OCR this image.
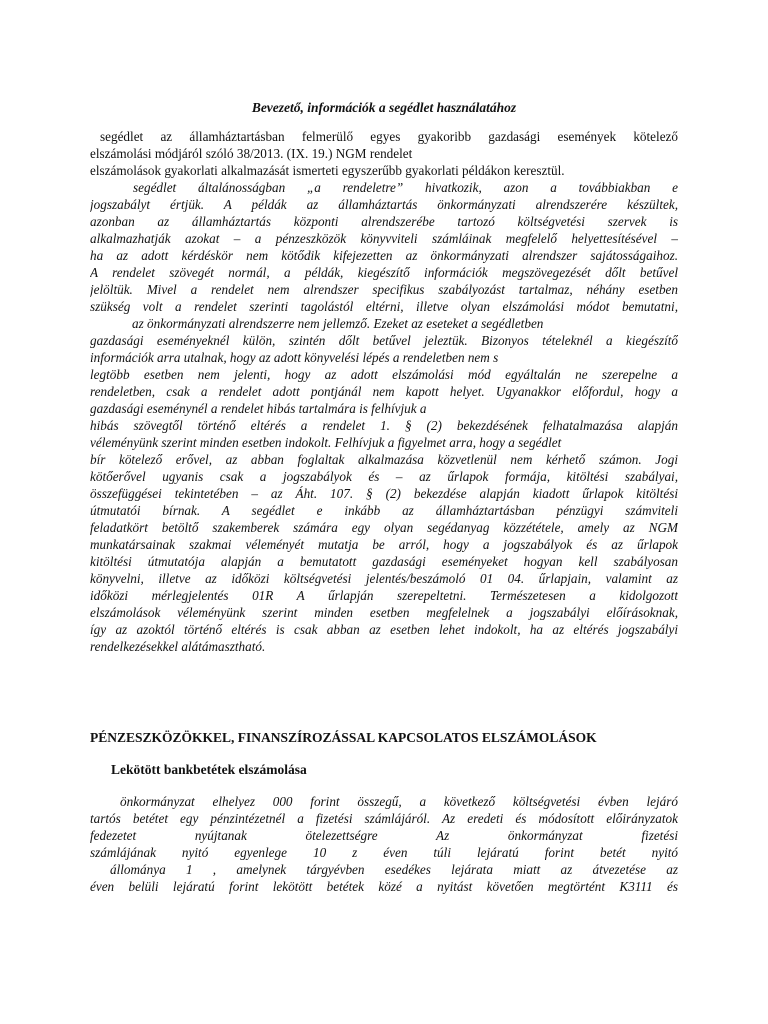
Bevezető, információk a segédlet használatához
segédlet az államháztartásban felmerülő egyes gyakoribb gazdasági események kötelező
elszámolási módjáról szóló 38/2013. (IX. 19.) NGM rendelet
elszámolások gyakorlati alkalmazását ismerteti egyszerűbb gyakorlati példákon keresztül.
segédlet általánosságban „a rendeletre” hivatkozik, azon a továbbiakban e
jogszabályt értjük. A példák az államháztartás önkormányzati alrendszerére készültek,
azonban az államháztartás központi alrendszerébe tartozó költségvetési szervek is
alkalmazhatják azokat – a pénzeszközök könyvviteli számláinak megfelelő helyettesítésével –
ha az adott kérdéskör nem kötődik kifejezetten az önkormányzati alrendszer sajátosságaihoz.
A rendelet szövegét normál, a példák, kiegészítő információk megszövegezését dőlt betűvel
jelöltük. Mivel a rendelet nem alrendszer specifikus szabályozást tartalmaz, néhány esetben
szükség volt a rendelet szerinti tagolástól eltérni, illetve olyan elszámolási módot bemutatni,
az önkormányzati alrendszerre nem jellemző. Ezeket az eseteket a segédletben
gazdasági eseményeknél külön, szintén dőlt betűvel jeleztük. Bizonyos tételeknél a kiegészítő
információk arra utalnak, hogy az adott könyvelési lépés a rendeletben nem s
legtöbb esetben nem jelenti, hogy az adott elszámolási mód egyáltalán ne szerepelne a
rendeletben, csak a rendelet adott pontjánál nem kapott helyet. Ugyanakkor előfordul, hogy a
gazdasági eseménynél a rendelet hibás tartalmára is felhívjuk a
hibás szövegtől történő eltérés a rendelet 1. § (2) bekezdésének felhatalmazása alapján
véleményünk szerint minden esetben indokolt. Felhívjuk a figyelmet arra, hogy a segédlet
bír kötelező erővel, az abban foglaltak alkalmazása közvetlenül nem kérhető számon. Jogi
kötőerővel ugyanis csak a jogszabályok és – az űrlapok formája, kitöltési szabályai,
összefüggései tekintetében – az Áht. 107. § (2) bekezdése alapján kiadott űrlapok kitöltési
útmutatói bírnak. A segédlet e inkább az államháztartásban pénzügyi számviteli
feladatkört betöltő szakemberek számára egy olyan segédanyag közzététele, amely az NGM
munkatársainak szakmai véleményét mutatja be arról, hogy a jogszabályok és az űrlapok
kitöltési útmutatója alapján a bemutatott gazdasági eseményeket hogyan kell szabályosan
könyvelni, illetve az időközi költségvetési jelentés/beszámoló 01 04. űrlapjain, valamint az
időközi mérlegjelentés 01R A űrlapján szerepeltetni. Természetesen a kidolgozott
elszámolások véleményünk szerint minden esetben megfelelnek a jogszabályi előírásoknak,
így az azoktól történő eltérés is csak abban az esetben lehet indokolt, ha az eltérés jogszabályi
rendelkezésekkel alátámasztható.
PÉNZESZKÖZÖKKEL, FINANSZÍROZÁSSAL KAPCSOLATOS ELSZÁMOLÁSOK
Lekötött bankbetétek elszámolása
önkormányzat elhelyez 000 forint összegű, a következő költségvetési évben lejáró
tartós betétet egy pénzintézetnél a fizetési számlájáról. Az eredeti és módosított előirányzatok
fedezetet nyújtanak ötelezettségre Az önkormányzat fizetési
számlájának nyitó egyenlege 10 z éven túli lejáratú forint betét nyitó
állománya 1 , amelynek tárgyévben esedékes lejárata miatt az átvezetése az
éven belüli lejáratú forint lekötött betétek közé a nyitást követően megtörtént K3111 és
